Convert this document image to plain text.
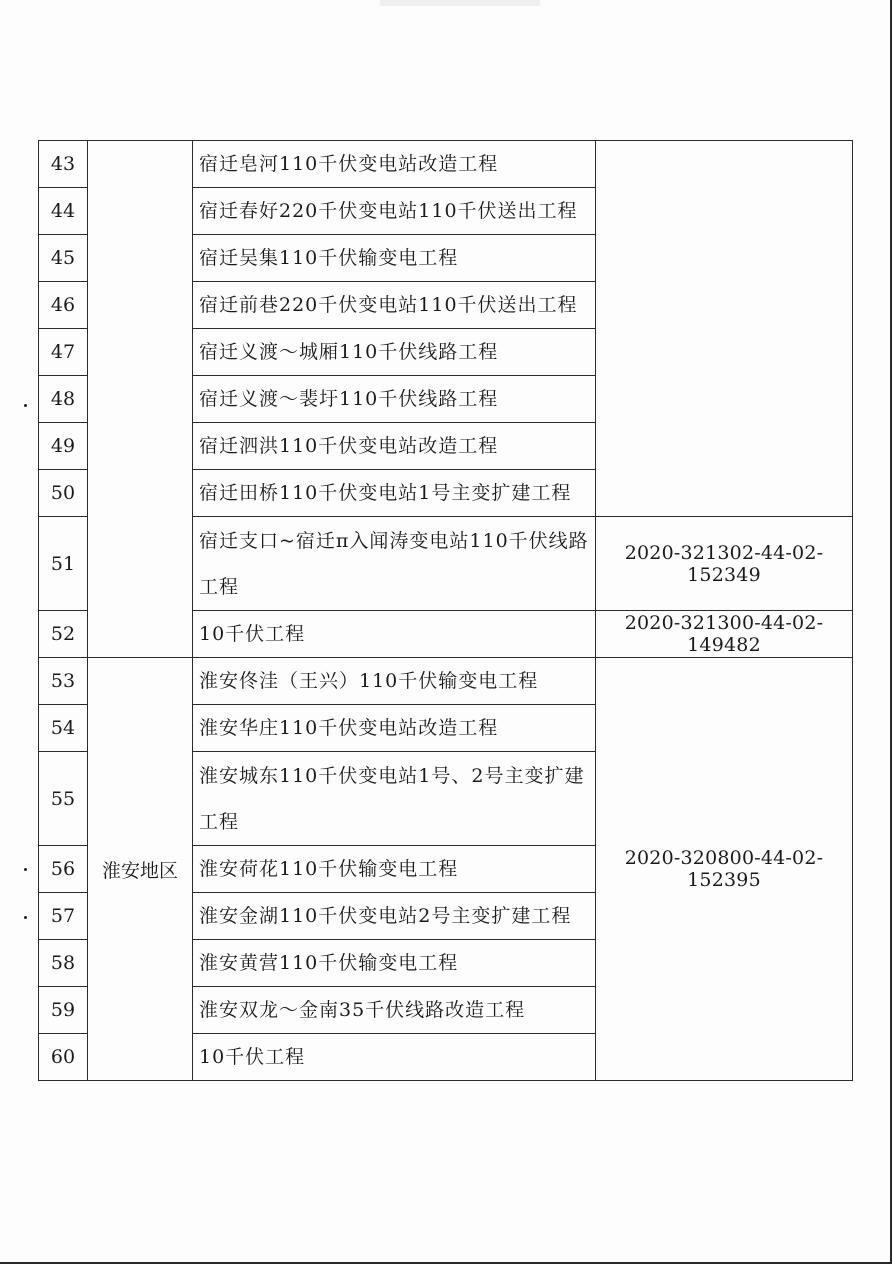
43		宿迁皂河110千伏变电站改造工程	
44		宿迁春好220千伏变电站110千伏送出工程	
45		宿迁吴集110千伏输变电工程	
46		宿迁前巷220千伏变电站110千伏送出工程	
47		宿迁义渡～城厢110千伏线路工程	
48		宿迁义渡～裴圩110千伏线路工程	
49		宿迁泗洪110千伏变电站改造工程	
50		宿迁田桥110千伏变电站1号主变扩建工程	
51		宿迁支口~宿迁π入闻涛变电站110千伏线路工程	2020-321302-44-02-152349
52		10千伏工程	2020-321300-44-02-149482
53	淮安地区	淮安佟洼（王兴）110千伏输变电工程	2020-320800-44-02-152395
54		淮安华庄110千伏变电站改造工程	
55		淮安城东110千伏变电站1号、2号主变扩建工程	
56		淮安荷花110千伏输变电工程	
57		淮安金湖110千伏变电站2号主变扩建工程	
58		淮安黄营110千伏输变电工程	
59		淮安双龙～金南35千伏线路改造工程	
60		10千伏工程	
